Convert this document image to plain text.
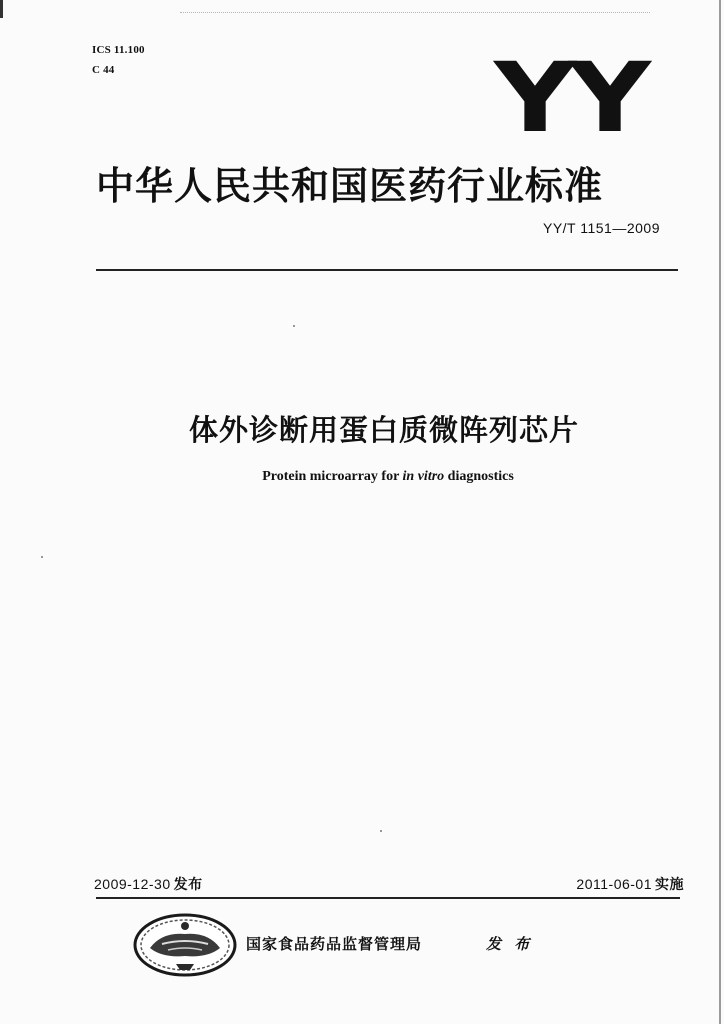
ICS 11.100
C 44	YY
中华人民共和国医药行业标准
YY/T 1151—2009
体外诊断用蛋白质微阵列芯片
Protein microarray for in vitro diagnostics
2009-12-30 发布	2011-06-01 实施
国家食品药品监督管理局	发 布
